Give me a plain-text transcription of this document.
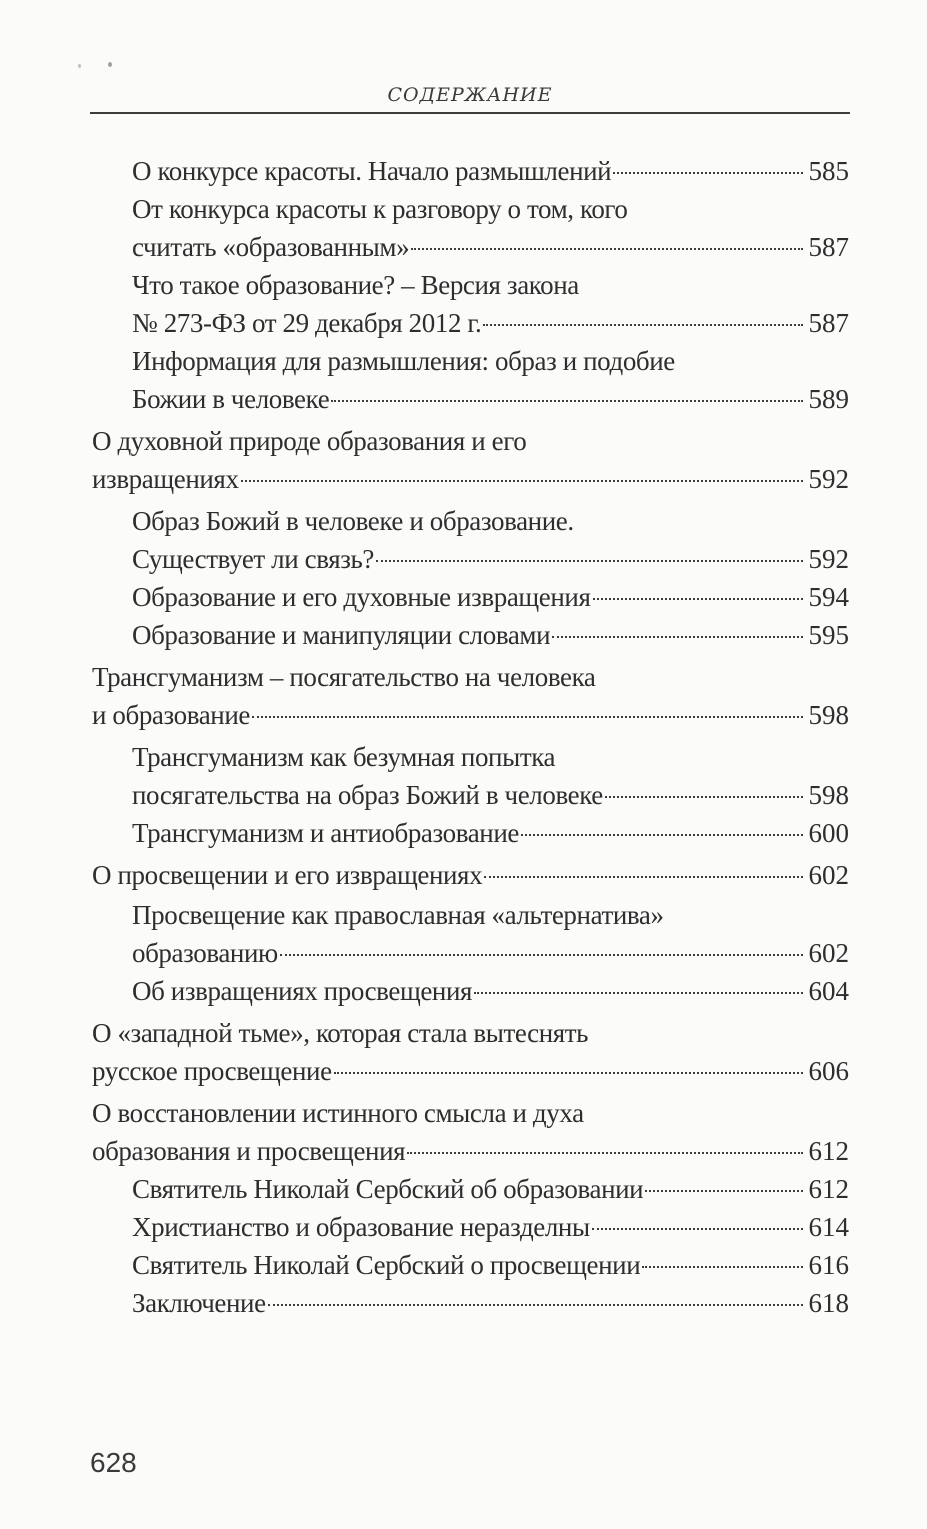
СОДЕРЖАНИЕ
О конкурсе красоты. Начало размышлений	585
От конкурса красоты к разговору о том, кого
считать «образованным»	587
Что такое образование? – Версия закона
№ 273-ФЗ от 29 декабря 2012 г.	587
Информация для размышления: образ и подобие
Божии в человеке	589
О духовной природе образования и его
извращениях	592
Образ Божий в человеке и образование.
Существует ли связь?	592
Образование и его духовные извращения	594
Образование и манипуляции словами	595
Трансгуманизм – посягательство на человека
и образование	598
Трансгуманизм как безумная попытка
посягательства на образ Божий в человеке	598
Трансгуманизм и антиобразование	600
О просвещении и его извращениях	602
Просвещение как православная «альтернатива»
образованию	602
Об извращениях просвещения	604
О «западной тьме», которая стала вытеснять
русское просвещение	606
О восстановлении истинного смысла и духа
образования и просвещения	612
Святитель Николай Сербский об образовании	612
Христианство и образование неразделны	614
Святитель Николай Сербский о просвещении	616
Заключение	618
628
